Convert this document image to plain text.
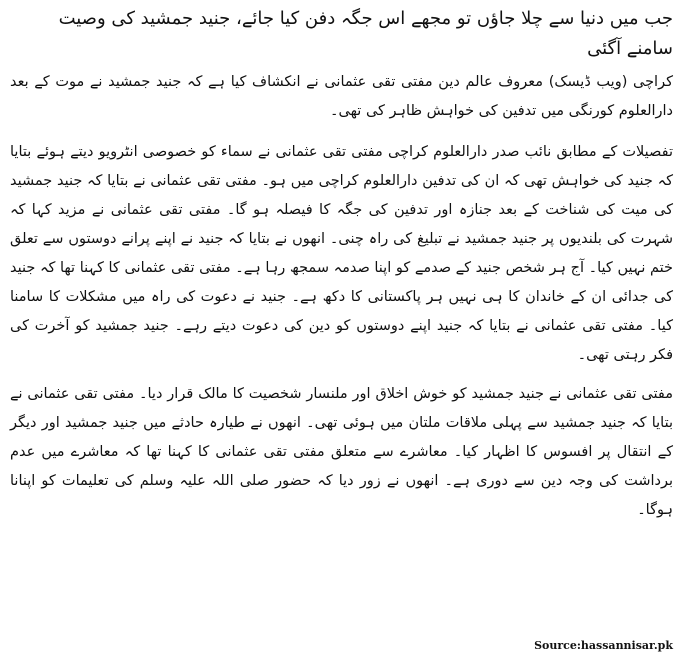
جب میں دنیا سے چلا جاؤں تو مجھے اس جگہ دفن کیا جائے، جنید جمشید کی وصیت سامنے آگئی

کراچی (ویب ڈیسک) معروف عالم دین مفتی تقی عثمانی نے انکشاف کیا ہے کہ جنید جمشید نے موت کے بعد دارالعلوم کورنگی میں تدفین کی خواہش ظاہر کی تھی۔

تفصیلات کے مطابق نائب صدر دارالعلوم کراچی مفتی تقی عثمانی نے سماء کو خصوصی انٹرویو دیتے ہوئے بتایا کہ جنید کی خواہش تھی کہ ان کی تدفین دارالعلوم کراچی میں ہو۔ مفتی تقی عثمانی نے بتایا کہ جنید جمشید کی میت کی شناخت کے بعد جنازہ اور تدفین کی جگہ کا فیصلہ ہو گا۔ مفتی تقی عثمانی نے مزید کہا کہ شہرت کی بلندیوں پر جنید جمشید نے تبلیغ کی راہ چنی۔ انھوں نے بتایا کہ جنید نے اپنے پرانے دوستوں سے تعلق ختم نہیں کیا۔ آج ہر شخص جنید کے صدمے کو اپنا صدمہ سمجھ رہا ہے۔ مفتی تقی عثمانی کا کہنا تھا کہ جنید کی جدائی ان کے خاندان کا ہی نہیں ہر پاکستانی کا دکھ ہے۔ جنید نے دعوت کی راہ میں مشکلات کا سامنا کیا۔ مفتی تقی عثمانی نے بتایا کہ جنید اپنے دوستوں کو دین کی دعوت دیتے رہے۔ جنید جمشید کو آخرت کی فکر رہتی تھی۔

مفتی تقی عثمانی نے جنید جمشید کو خوش اخلاق اور ملنسار شخصیت کا مالک قرار دیا۔ مفتی تقی عثمانی نے بتایا کہ جنید جمشید سے پہلی ملاقات ملتان میں ہوئی تھی۔ انھوں نے طیارہ حادثے میں جنید جمشید اور دیگر کے انتقال پر افسوس کا اظہار کیا۔ معاشرے سے متعلق مفتی تقی عثمانی کا کہنا تھا کہ معاشرے میں عدم برداشت کی وجہ دین سے دوری ہے۔ انھوں نے زور دیا کہ حضور صلی اللہ علیہ وسلم کی تعلیمات کو اپنانا ہوگا۔

Source:hassannisar.pk
